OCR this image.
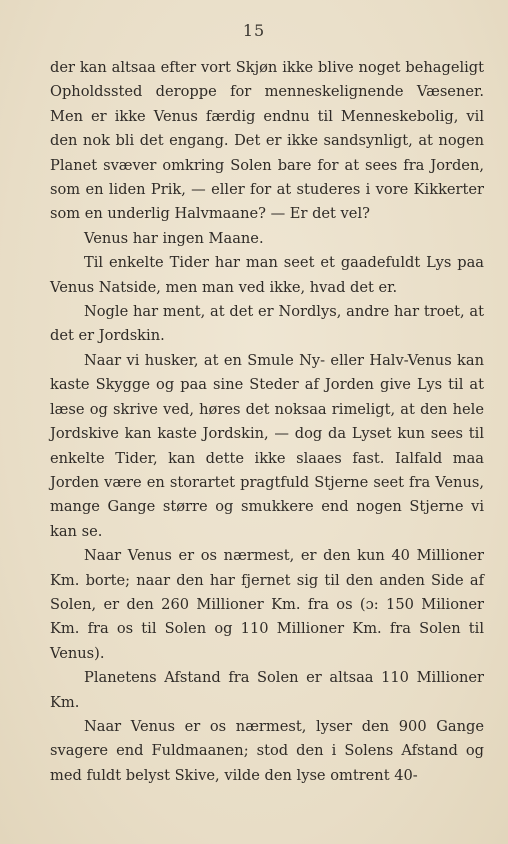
15

der kan altsaa efter vort Skjøn ikke blive noget behageligt Opholdssted deroppe for menneskelignende Væsener. Men er ikke Venus færdig endnu til Menneskebolig, vil den nok bli det engang. Det er ikke sandsynligt, at nogen Planet svæver omkring Solen bare for at sees fra Jorden, som en liden Prik, — eller for at studeres i vore Kikkerter som en underlig Halvmaane? — Er det vel?

Venus har ingen Maane.

Til enkelte Tider har man seet et gaadefuldt Lys paa Venus Natside, men man ved ikke, hvad det er.

Nogle har ment, at det er Nordlys, andre har troet, at det er Jordskin.

Naar vi husker, at en Smule Ny- eller Halv-Venus kan kaste Skygge og paa sine Steder af Jorden give Lys til at læse og skrive ved, høres det noksaa rimeligt, at den hele Jordskive kan kaste Jordskin, — dog da Lyset kun sees til enkelte Tider, kan dette ikke slaaes fast. Ialfald maa Jorden være en storartet pragtfuld Stjerne seet fra Venus, mange Gange større og smukkere end nogen Stjerne vi kan se.

Naar Venus er os nærmest, er den kun 40 Millioner Km. borte; naar den har fjernet sig til den anden Side af Solen, er den 260 Millioner Km. fra os (ɔ: 150 Milioner Km. fra os til Solen og 110 Millioner Km. fra Solen til Venus).

Planetens Afstand fra Solen er altsaa 110 Millioner Km.

Naar Venus er os nærmest, lyser den 900 Gange svagere end Fuldmaanen; stod den i Solens Afstand og med fuldt belyst Skive, vilde den lyse omtrent 40-
